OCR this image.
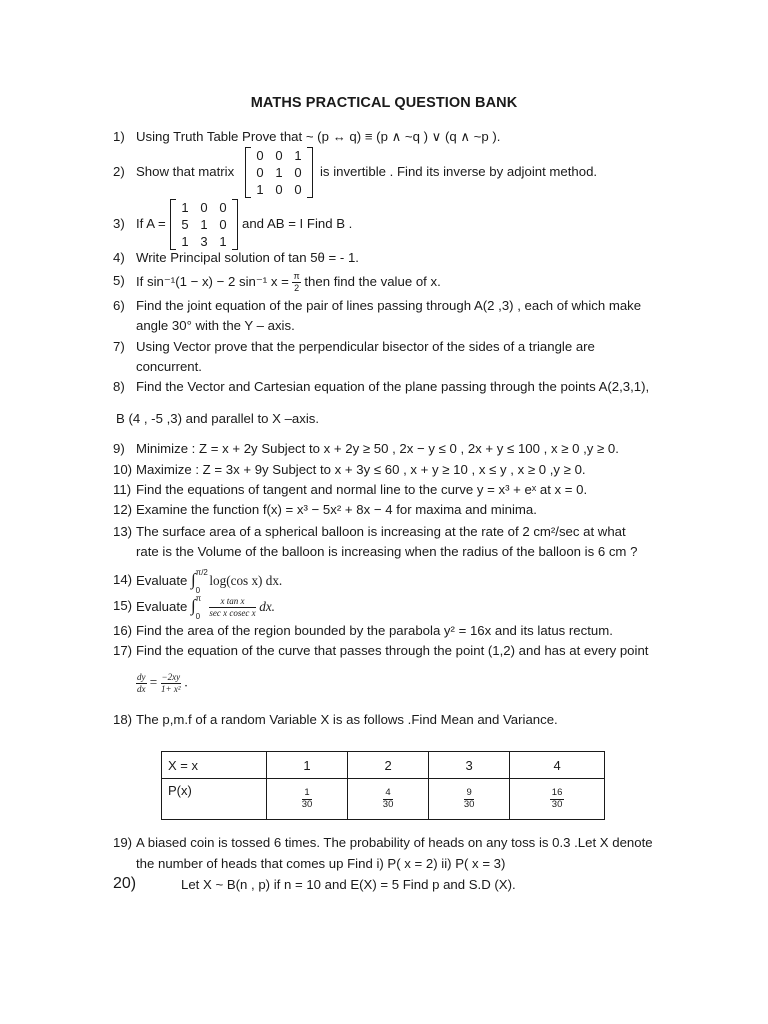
MATHS PRACTICAL QUESTION BANK
1) Using Truth Table Prove that ~ (p ↔ q) ≡ (p ∧ ~q ) ∨ (q ∧ ~p ).
2) Show that matrix
0 0 1
0 1 0
1 0 0
is invertible . Find its inverse by adjoint method.
3) If A =
1 0 0
5 1 0
1 3 1
and AB = I Find B .
4) Write Principal solution of tan 5θ = - 1.
5) If sin⁻¹(1 − x) − 2 sin⁻¹ $x = \frac{\pi}{2}$ then find the value of x.
6) Find the joint equation of the pair of lines passing through A(2 ,3) , each of which make
angle 30° with the Y – axis.
7) Using Vector prove that the perpendicular bisector of the sides of a triangle are
concurrent.
8) Find the Vector and Cartesian equation of the plane passing through the points A(2,3,1),
B (4 , -5 ,3) and parallel to X –axis.
9) Minimize : Z = x + 2y Subject to x + 2y ≥ 50 , 2x − y ≤ 0 , 2x + y ≤ 100 , x ≥ 0 ,y ≥ 0.
10) Maximize : Z = 3x + 9y Subject to x + 3y ≤ 60 , x + y ≥ 10 , x ≤ y , x ≥ 0 ,y ≥ 0.
11) Find the equations of tangent and normal line to the curve y = x³ + eˣ at x = 0.
12) Examine the function f(x) = x³ − 5x² + 8x − 4 for maxima and minima.
13) The surface area of a spherical balloon is increasing at the rate of 2 cm²/sec at what
rate is the Volume of the balloon is increasing when the radius of the balloon is 6 cm ?
14) Evaluate ∫ π/2
0
log(cos x) dx.
15) Evaluate ∫ π
0
$\frac{\text{x tan x}}{\text{sec x cosec x}}$ dx.
16) Find the area of the region bounded by the parabola y² = 16x and its latus rectum.
17) Find the equation of the curve that passes through the point (1,2) and has at every point
$\frac{dy}{dx} = \frac{-2xy}{\text{1+ x²}}$ .
18) The p,m.f of a random Variable X is as follows .Find Mean and Variance.
X = x	1	2	3	4
P(x)	$\frac{1}{30}$	$\frac{4}{30}$	$\frac{9}{30}$	$\frac{16}{30}$
19) A biased coin is tossed 6 times. The probability of heads on any toss is 0.3 .Let X denote
the number of heads that comes up Find i) P( x = 2) ii) P( x = 3)
20)	Let X ~ B(n , p) if n = 10 and E(X) = 5 Find p and S.D (X).
